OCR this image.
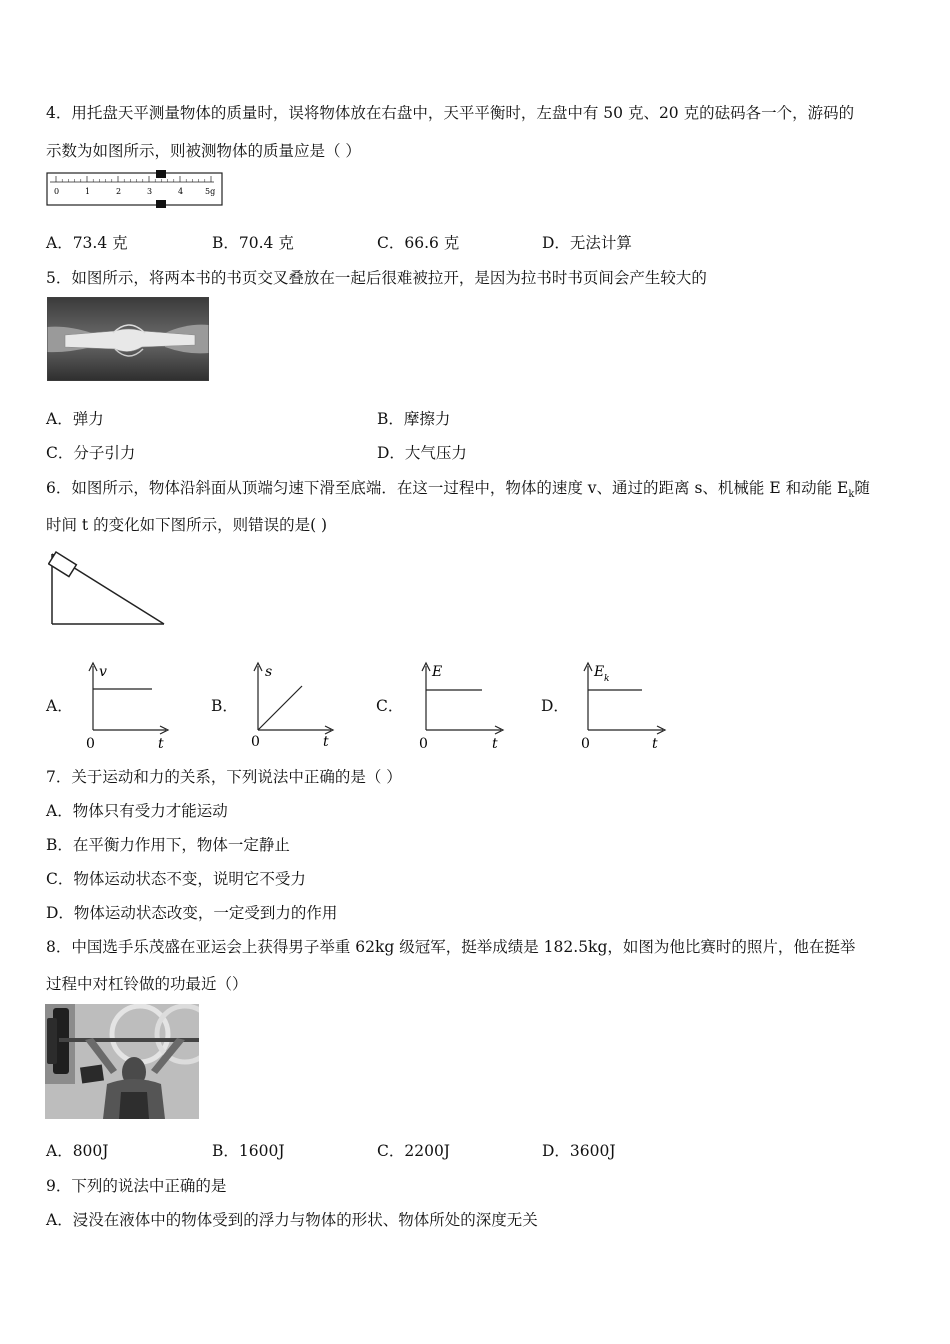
4．用托盘天平测量物体的质量时，误将物体放在右盘中，天平平衡时，左盘中有 50 克、20 克的砝码各一个，游码的
示数为如图所示，则被测物体的质量应是（ ）
0	1	2	3	4	5g
A．73.4 克	B．70.4 克	C．66.6 克	D．无法计算
5．如图所示，将两本书的书页交叉叠放在一起后很难被拉开，是因为拉书时书页间会产生较大的
A．弹力	B．摩擦力
C．分子引力	D．大气压力
6．如图所示，物体沿斜面从顶端匀速下滑至底端．在这一过程中，物体的速度 v、通过的距离 s、机械能 E 和动能 $E_k$随
时间 t 的变化如下图所示，则错误的是( )
A．	B．	C．	D．
v
t
0
s
t
0
E
t
0
E k
t
0
7．关于运动和力的关系，下列说法中正确的是（ ）
A．物体只有受力才能运动
B．在平衡力作用下，物体一定静止
C．物体运动状态不变，说明它不受力
D．物体运动状态改变，一定受到力的作用
8．中国选手乐茂盛在亚运会上获得男子举重 62kg 级冠军，挺举成绩是 182.5kg，如图为他比赛时的照片，他在挺举
过程中对杠铃做的功最近（）
A．800J	B．1600J	C．2200J	D．3600J
9．下列的说法中正确的是
A．浸没在液体中的物体受到的浮力与物体的形状、物体所处的深度无关
